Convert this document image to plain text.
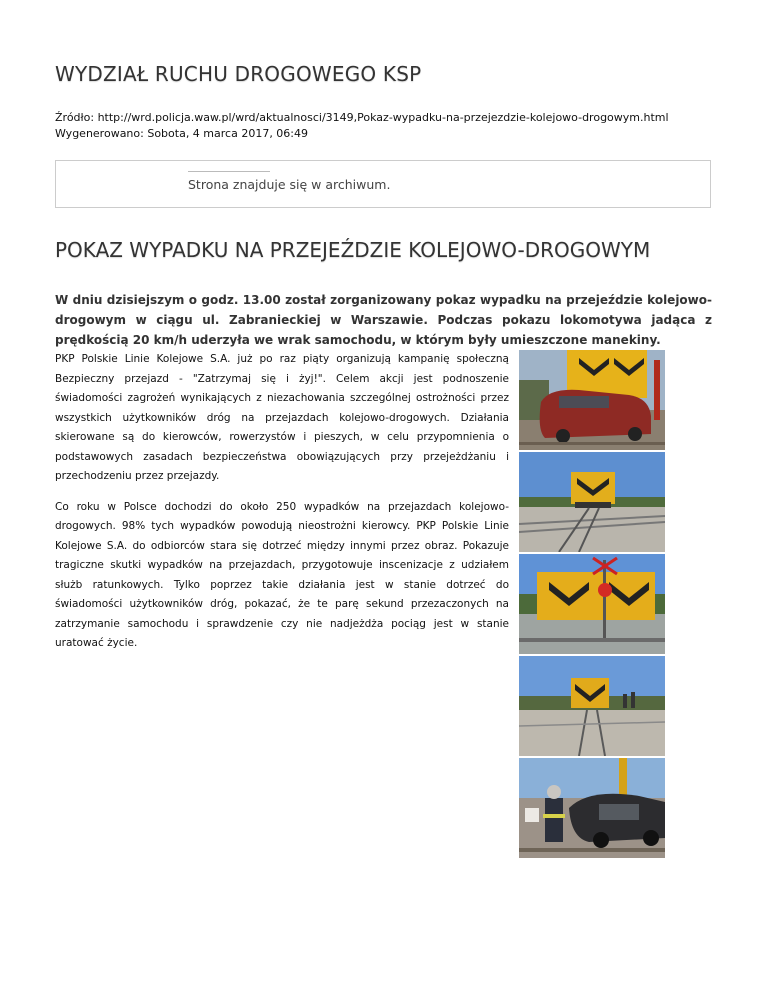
WYDZIAŁ RUCHU DROGOWEGO KSP
Źródło: http://wrd.policja.waw.pl/wrd/aktualnosci/3149,Pokaz-wypadku-na-przejezdzie-kolejowo-drogowym.html
Wygenerowano: Sobota, 4 marca 2017, 06:49
Strona znajduje się w archiwum.
POKAZ WYPADKU NA PRZEJEŹDZIE KOLEJOWO-DROGOWYM

W dniu dzisiejszym o godz. 13.00 został zorganizowany pokaz wypadku na przejeździe kolejowo-drogowym w ciągu ul. Zabranieckiej w Warszawie. Podczas pokazu lokomotywa jadąca z prędkością 20 km/h uderzyła we wrak samochodu, w którym były umieszczone manekiny.

PKP Polskie Linie Kolejowe S.A. już po raz piąty organizują kampanię społeczną Bezpieczny przejazd - "Zatrzymaj się i żyj!". Celem akcji jest podnoszenie świadomości zagrożeń wynikających z niezachowania szczególnej ostrożności przez wszystkich użytkowników dróg na przejazdach kolejowo-drogowych. Działania skierowane są do kierowców, rowerzystów i pieszych, w celu przypomnienia o podstawowych zasadach bezpieczeństwa obowiązujących przy przejeżdżaniu i przechodzeniu przez przejazdy.

Co roku w Polsce dochodzi do około 250 wypadków na przejazdach kolejowo-drogowych. 98% tych wypadków powodują nieostrożni kierowcy. PKP Polskie Linie Kolejowe S.A. do odbiorców stara się dotrzeć między innymi przez obraz. Pokazuje tragiczne skutki wypadków na przejazdach, przygotowuje inscenizacje z udziałem służb ratunkowych. Tylko poprzez takie działania jest w stanie dotrzeć do świadomości użytkowników dróg, pokazać, że te parę sekund przezaczonych na zatrzymanie samochodu i sprawdzenie czy nie nadjeżdża pociąg jest w stanie uratować życie.
